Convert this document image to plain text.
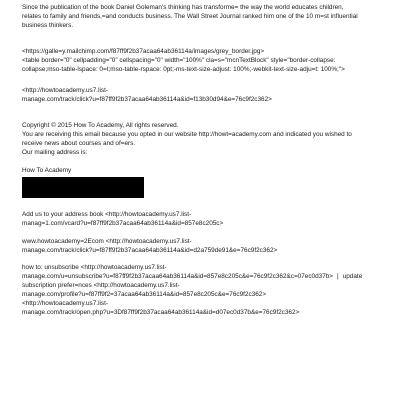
Since the publication of the book Daniel Goleman's thinking has transforme= the way the world educates children,
relates to family and friends,=and conducts business. The Wall Street Journal ranked him one of the 10 m=st influential
business thinkers.

<https://galle=y.mailchimp.com/f87ff9f2b37acaa64ab36114a/images/grey_border.jpg>
<table border="0" cellpadding="0" cellspacing="0" width="100%" cla=s="mcnTextBlock" style="border-collapse:
collapse;mso-table-lspace: 0=t;mso-table-rspace: 0pt;-ms-text-size-adjust: 100%;-webkit-text-size-adju=t: 100%;">

<http://howtoacademy.us7.list-
manage.com/track/click?u=f87ff9f2b37acaa64ab36114a&id=f13b30d94&e=76c9f2c362>

Copyright © 2015 How To Academy, All rights reserved.
You are receiving this email because you opted in our website http://howt=academy.com and indicated you wished to
receive news about courses and of=ers.
Our mailing address is:

How To Academy

Add us to your address book <http://howtoacademy.us7.list-
manag=1.com/vcard?u=f87ff9f2b37acaa64ab36114a&id=857e8c205c>

www.howtoacademy=2Ecom <http://howtoacademy.us7.list-
manage.com/track/click?u=f87ff9f2b37acaa64ab36114a&id=d2a759de91&e=76c9f2c362>

how to: unsubscribe <http://howtoacademy.us7.list-
manage.com/u=unsubscribe?u=f87ff9f2b37acaa64ab36114a&id=857e8c205c&e=76c9f2c362&c=07ec0d37b> | update
subscription prefer=nces <http://howtoacademy.us7.list-
manage.com/profile?u=f87ff9f2=37acaa64ab36114a&id=857e8c205c&e=76c9f2c362>
<http://howtoacademy.us7.list-
manage.com/track/open.php?u=3Df87ff9f2b37acaa64ab36114a&id=d07ec0d37b&e=76c9f2c362>
